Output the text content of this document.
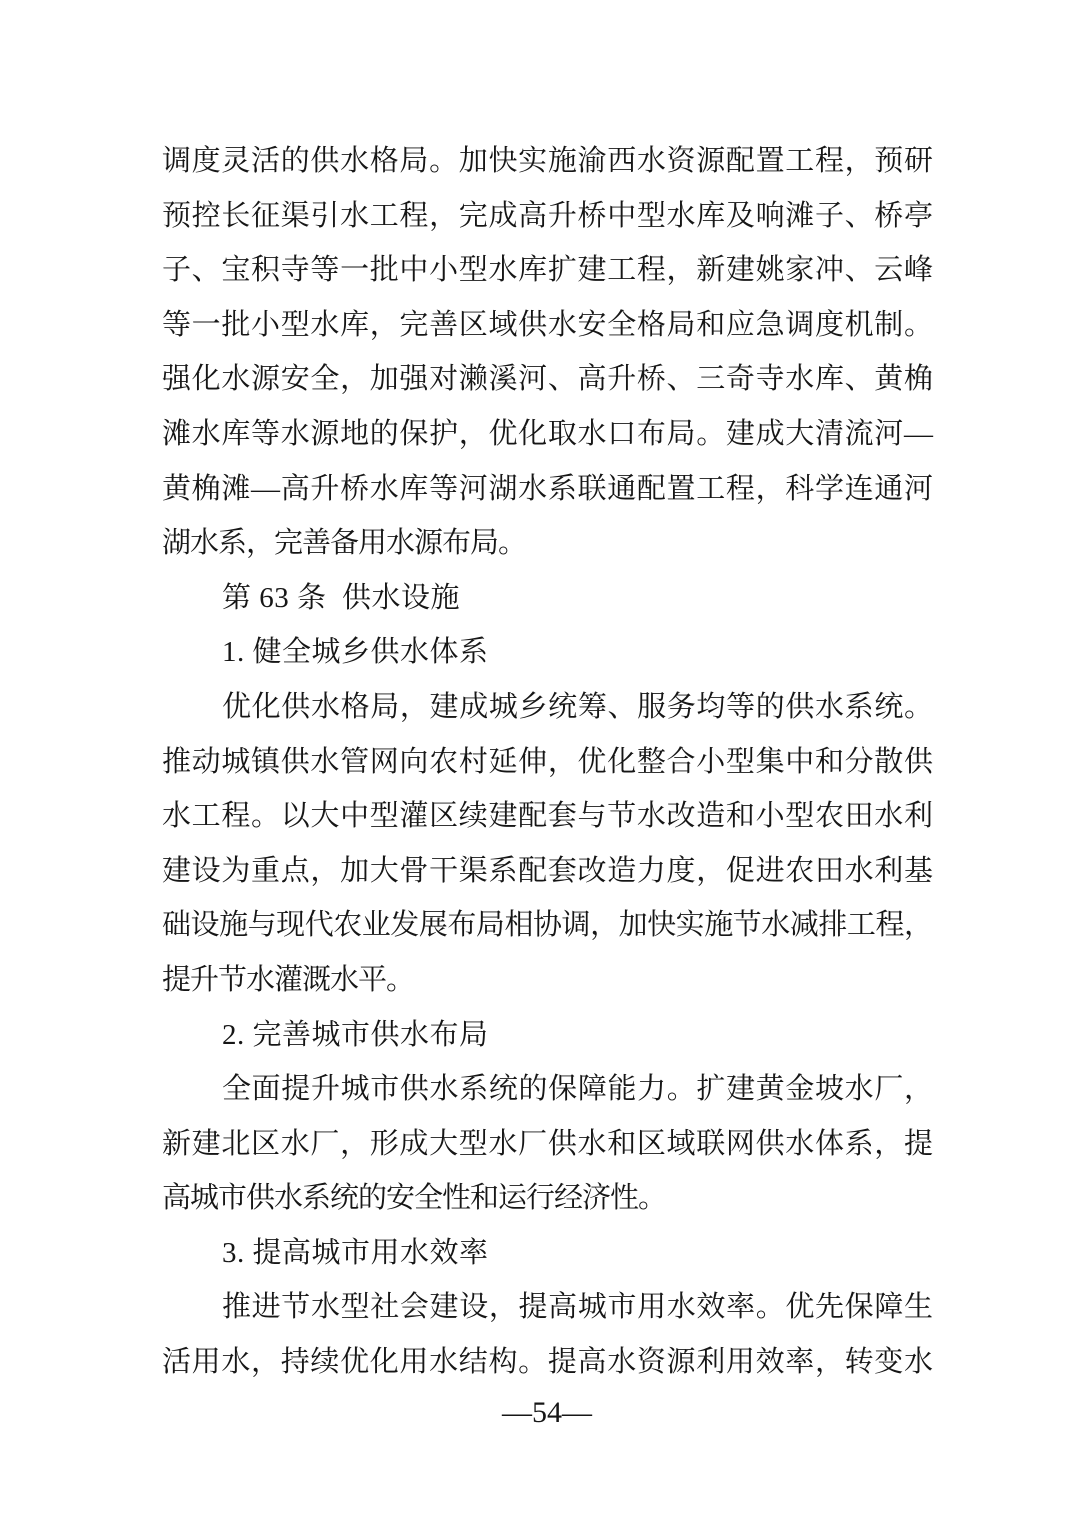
调度灵活的供水格局。加快实施渝西水资源配置工程，预研
预控长征渠引水工程，完成高升桥中型水库及响滩子、桥亭
子、宝积寺等一批中小型水库扩建工程，新建姚家冲、云峰
等一批小型水库，完善区域供水安全格局和应急调度机制。
强化水源安全，加强对濑溪河、高升桥、三奇寺水库、黄桷
滩水库等水源地的保护，优化取水口布局。建成大清流河—
黄桷滩—高升桥水库等河湖水系联通配置工程，科学连通河
湖水系，完善备用水源布局。
第 63 条  供水设施
1. 健全城乡供水体系
优化供水格局，建成城乡统筹、服务均等的供水系统。
推动城镇供水管网向农村延伸，优化整合小型集中和分散供
水工程。以大中型灌区续建配套与节水改造和小型农田水利
建设为重点，加大骨干渠系配套改造力度，促进农田水利基
础设施与现代农业发展布局相协调，加快实施节水减排工程，
提升节水灌溉水平。
2. 完善城市供水布局
全面提升城市供水系统的保障能力。扩建黄金坡水厂，
新建北区水厂，形成大型水厂供水和区域联网供水体系，提
高城市供水系统的安全性和运行经济性。
3. 提高城市用水效率
推进节水型社会建设，提高城市用水效率。优先保障生
活用水，持续优化用水结构。提高水资源利用效率，转变水
—54—
